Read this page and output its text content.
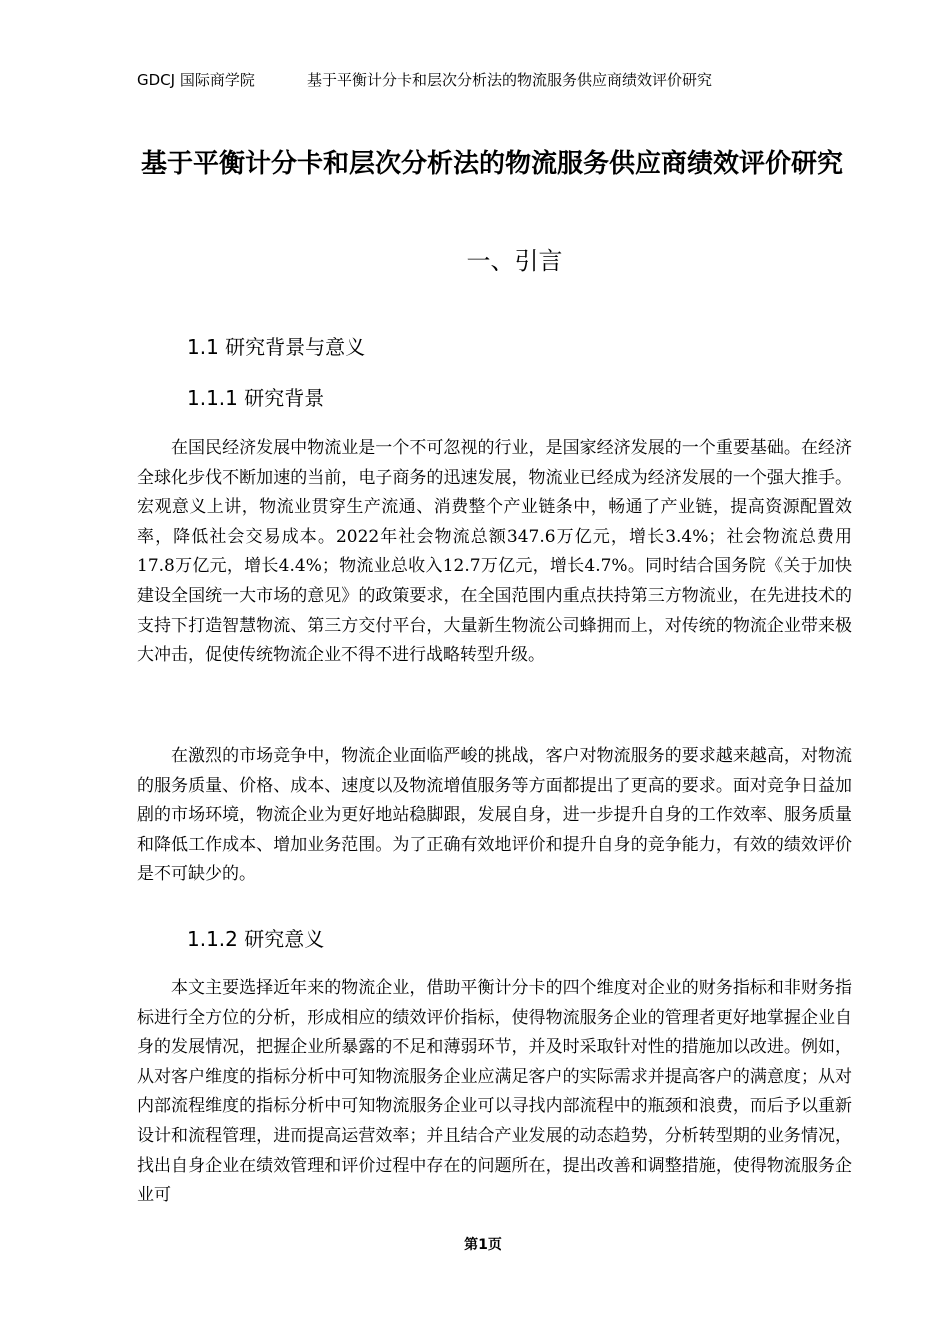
GDCJ 国际商学院	基于平衡计分卡和层次分析法的物流服务供应商绩效评价研究
基于平衡计分卡和层次分析法的物流服务供应商绩效评价研究
一、引言
1.1 研究背景与意义
1.1.1 研究背景

在国民经济发展中物流业是一个不可忽视的行业，是国家经济发展的一个重要基础。在经济全球化步伐不断加速的当前，电子商务的迅速发展，物流业已经成为经济发展的一个强大推手。宏观意义上讲，物流业贯穿生产流通、消费整个产业链条中，畅通了产业链，提高资源配置效率，降低社会交易成本。2022年社会物流总额347.6万亿元，增长3.4%；社会物流总费用17.8万亿元，增长4.4%；物流业总收入12.7万亿元，增长4.7%。同时结合国务院《关于加快建设全国统一大市场的意见》的政策要求，在全国范围内重点扶持第三方物流业，在先进技术的支持下打造智慧物流、第三方交付平台，大量新生物流公司蜂拥而上，对传统的物流企业带来极大冲击，促使传统物流企业不得不进行战略转型升级。

在激烈的市场竞争中，物流企业面临严峻的挑战，客户对物流服务的要求越来越高，对物流的服务质量、价格、成本、速度以及物流增值服务等方面都提出了更高的要求。面对竞争日益加剧的市场环境，物流企业为更好地站稳脚跟，发展自身，进一步提升自身的工作效率、服务质量和降低工作成本、增加业务范围。为了正确有效地评价和提升自身的竞争能力，有效的绩效评价是不可缺少的。

1.1.2 研究意义

本文主要选择近年来的物流企业，借助平衡计分卡的四个维度对企业的财务指标和非财务指标进行全方位的分析，形成相应的绩效评价指标，使得物流服务企业的管理者更好地掌握企业自身的发展情况，把握企业所暴露的不足和薄弱环节，并及时采取针对性的措施加以改进。例如，从对客户维度的指标分析中可知物流服务企业应满足客户的实际需求并提高客户的满意度；从对内部流程维度的指标分析中可知物流服务企业可以寻找内部流程中的瓶颈和浪费，而后予以重新设计和流程管理，进而提高运营效率；并且结合产业发展的动态趋势，分析转型期的业务情况，找出自身企业在绩效管理和评价过程中存在的问题所在，提出改善和调整措施，使得物流服务企业可

第1页
